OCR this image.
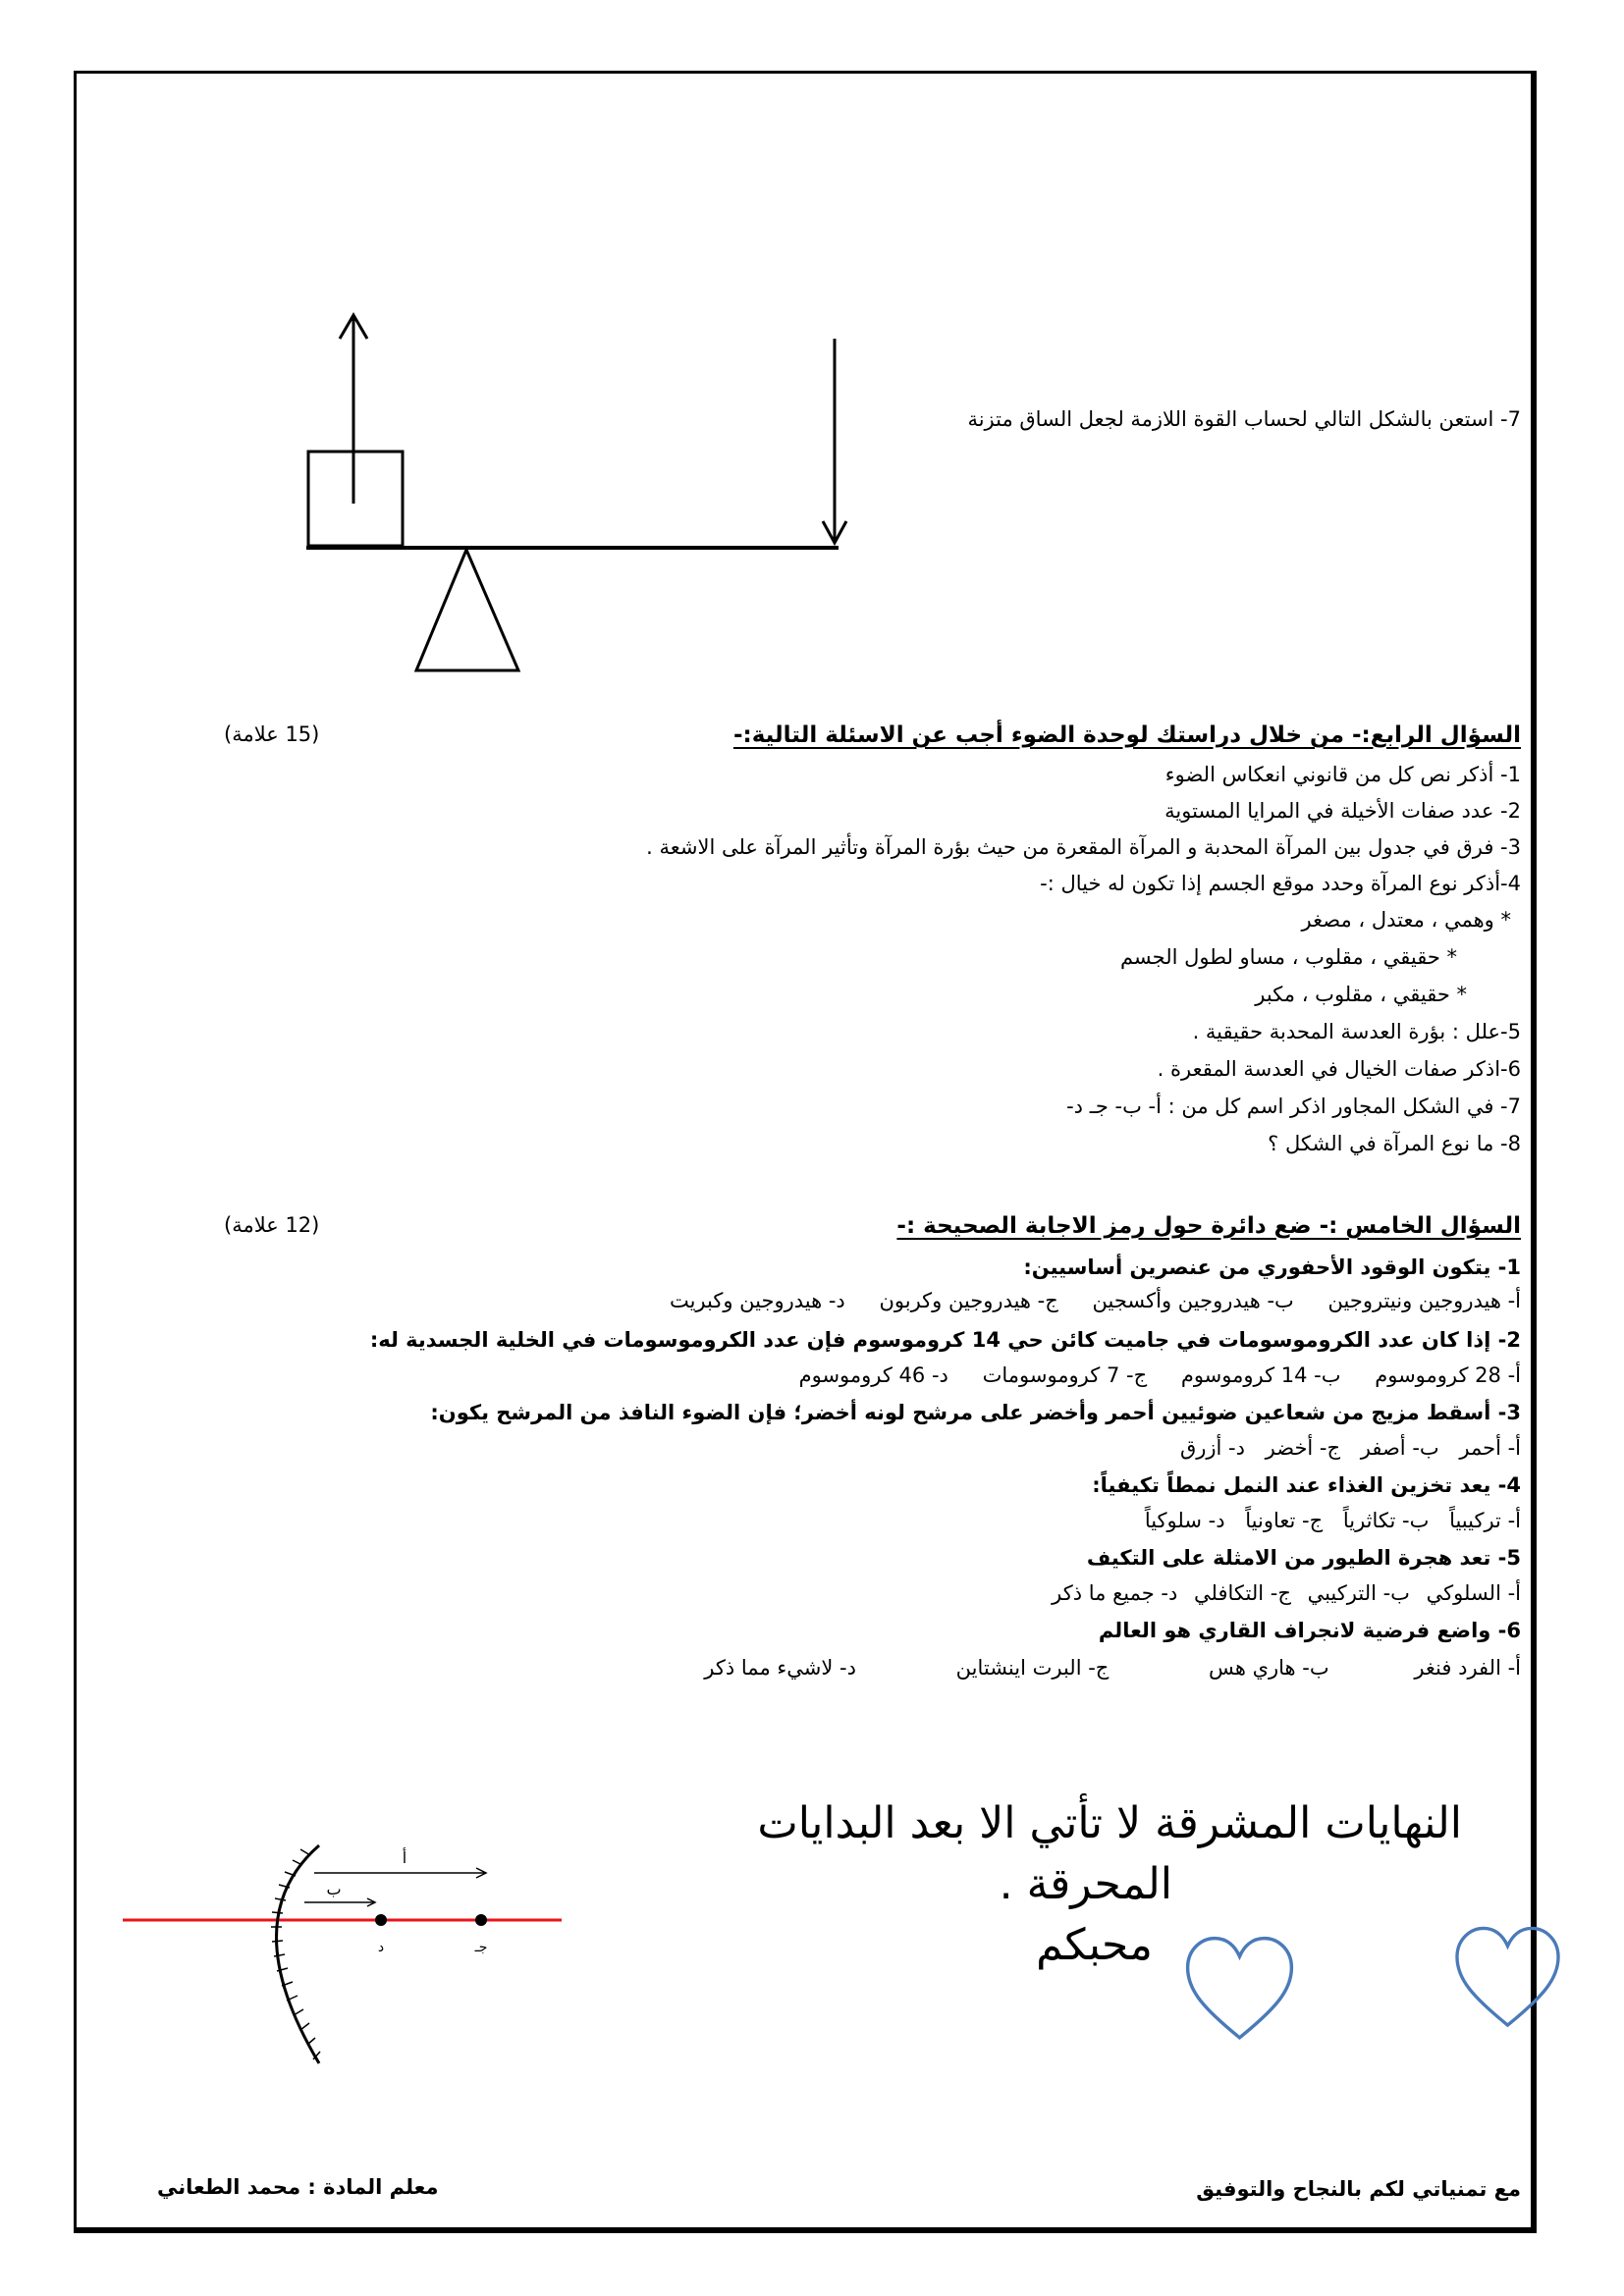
7- استعن بالشكل التالي لحساب القوة اللازمة لجعل الساق متزنة
السؤال الرابع:- من خلال دراستك لوحدة الضوء أجب عن الاسئلة التالية:-
(15 علامة)
1- أذكر نص كل من قانوني انعكاس الضوء
2- عدد صفات الأخيلة في المرايا المستوية
3- فرق في جدول بين المرآة المحدبة و المرآة المقعرة من حيث بؤرة المرآة وتأثير المرآة على الاشعة .
4-أذكر نوع المرآة وحدد موقع الجسم إذا تكون له خيال :-
* وهمي ، معتدل ، مصغر
* حقيقي ، مقلوب ، مساو لطول الجسم
* حقيقي ، مقلوب ، مكبر
5-علل : بؤرة العدسة المحدبة حقيقية .
6-اذكر صفات الخيال في العدسة المقعرة .
7- في الشكل المجاور اذكر اسم كل من : أ- ب- جـ د-
8- ما نوع المرآة في الشكل ؟
السؤال الخامس :- ضع دائرة حول رمز الاجابة الصحيحة :-
(12 علامة)
1- يتكون الوقود الأحفوري من عنصرين أساسيين:
أ- هيدروجين ونيتروجين ب- هيدروجين وأكسجين ج- هيدروجين وكربون د- هيدروجين وكبريت
2- إذا كان عدد الكروموسومات في جاميت كائن حي 14 كروموسوم فإن عدد الكروموسومات في الخلية الجسدية له:
أ- 28 كروموسوم ب- 14 كروموسوم ج- 7 كروموسومات د- 46 كروموسوم
3- أسقط مزيج من شعاعين ضوئيين أحمر وأخضر على مرشح لونه أخضر؛ فإن الضوء النافذ من المرشح يكون:
أ- أحمر ب- أصفر ج- أخضر د- أزرق
4- يعد تخزين الغذاء عند النمل نمطاً تكيفياً:
أ- تركيبياً ب- تكاثرياً ج- تعاونياً د- سلوكياً
5- تعد هجرة الطيور من الامثلة على التكيف
أ- السلوكي ب- التركيبي ج- التكافلي د- جميع ما ذكر
6- واضع فرضية لانجراف القاري هو العالم
أ- الفرد فنغر ب- هاري هس ج- البرت اينشتاين د- لاشيء مما ذكر
أ
ب
د	جـ
النهايات المشرقة لا تأتي الا بعد البدايات
المحرقة .
محبكم
مع تمنياتي لكم بالنجاح والتوفيق
معلم المادة : محمد الطعاني
